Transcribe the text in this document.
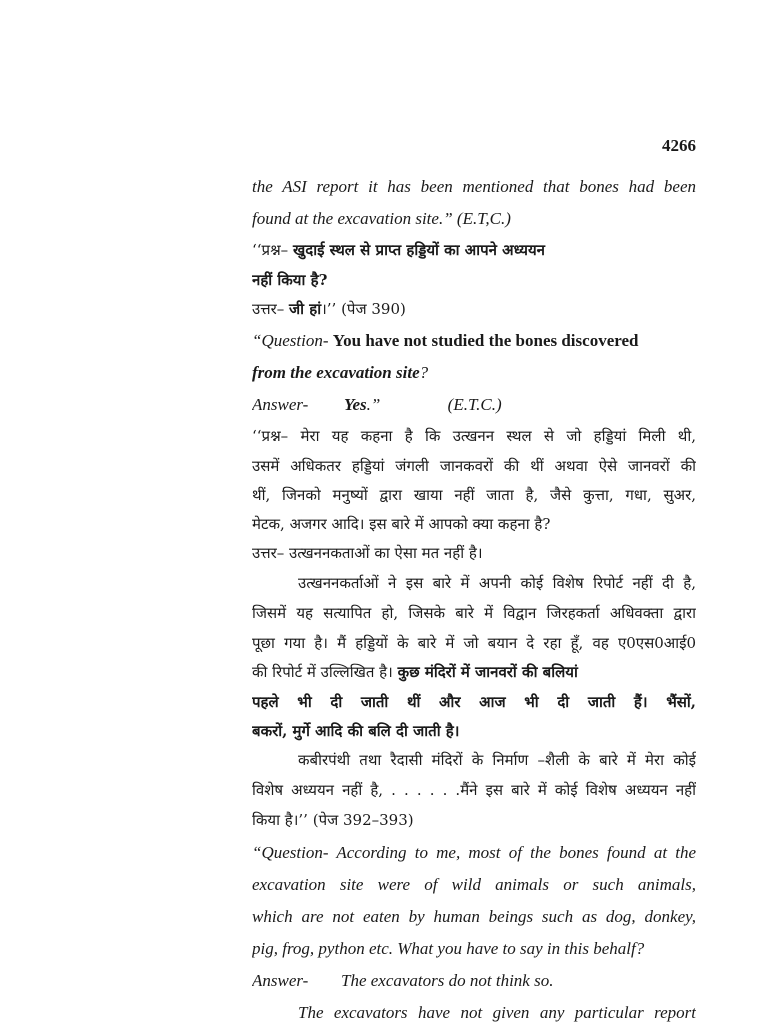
4266
the ASI report it has been mentioned that bones had been
found at the excavation site.” (E.T,C.)
‘‘प्रश्न– खुदाई स्थल से प्राप्त हड्डियों का आपने अध्ययन
नहीं किया है?
उत्तर– जी हां।’’ (पेज 390)
“Question- You have not studied the bones discovered
from the excavation site?
Answer- Yes.”	(E.T.C.)
‘‘प्रश्न– मेरा यह कहना है कि उत्खनन स्थल से जो हड्डियां मिली थी,
उसमें अधिकतर हड्डियां जंगली जानकवरों की थीं अथवा ऐसे जानवरों की
थीं, जिनको मनुष्यों द्वारा खाया नहीं जाता है, जैसे कुत्ता, गधा, सुअर,
मेटक, अजगर आदि। इस बारे में आपको क्या कहना है?
उत्तर– उत्खननकताओं का ऐसा मत नहीं है।
उत्खननकर्ताओं ने इस बारे में अपनी कोई विशेष रिपोर्ट नहीं दी है,
जिसमें यह सत्यापित हो, जिसके बारे में विद्वान जिरहकर्ता अधिवक्ता द्वारा
पूछा गया है। मैं हड्डियों के बारे में जो बयान दे रहा हूँ, वह ए0एस0आई0
की रिपोर्ट में उल्लिखित है। कुछ मंदिरों में जानवरों की बलियां
पहले भी दी जाती थीं और आज भी दी जाती हैं। भैंसों,
बकरों, मुर्गे आदि की बलि दी जाती है।
कबीरपंथी तथा रैदासी मंदिरों के निर्माण –शैली के बारे में मेरा कोई
विशेष अध्ययन नहीं है, . . . . . .मैंने इस बारे में कोई विशेष अध्ययन नहीं
किया है।’’ (पेज 392–393)
“Question- According to me, most of the bones found at the
excavation site were of wild animals or such animals,
which are not eaten by human beings such as dog, donkey,
pig, frog, python etc. What you have to say in this behalf?
Answer- The excavators do not think so.
The excavators have not given any particular report
